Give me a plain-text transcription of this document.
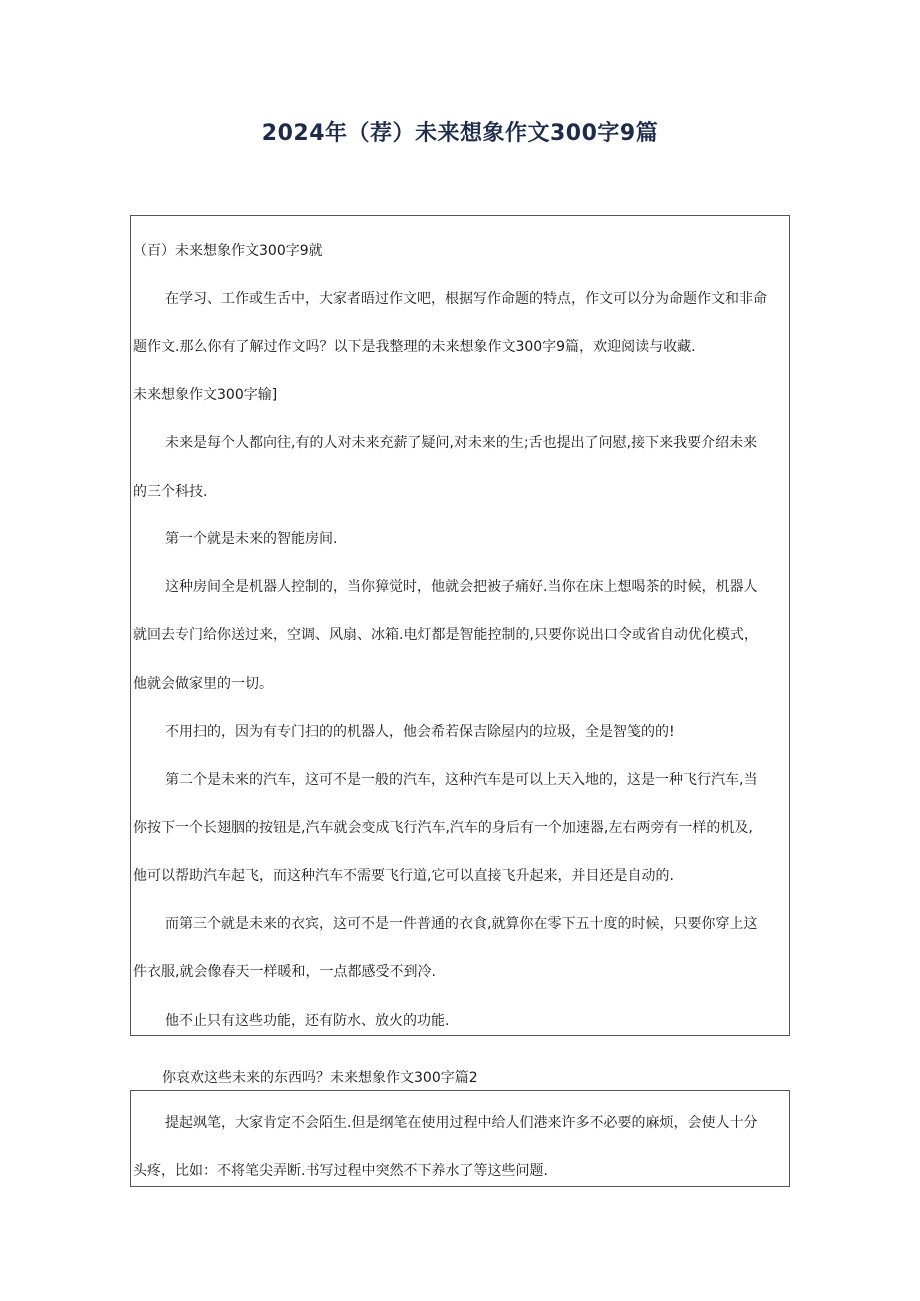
2024年（荐）未来想象作文300字9篇
（百）未来想象作文300字9就
在学习、工作或生舌中，大家者晤过作文吧，根据写作命题的特点，作文可以分为命题作文和非命
题作文.那么你有了解过作文吗？以下是我整理的未来想象作文300字9篇，欢迎阅读与收藏.
未来想象作文300字输]
未来是每个人都向往,有的人对未来充薪了疑问,对未来的生;舌也提出了问慰,接下来我要介绍未来
的三个科技.
第一个就是未来的智能房间.
这种房间全是机器人控制的，当你獐觉时，他就会把被子痛好.当你在床上想喝茶的时候，机器人
就回去专门给你送过来，空调、风扇、冰箱.电灯都是智能控制的,只要你说出口令或省自动优化模式，
他就会做家里的一切。
不用扫的，因为有专门扫的的机器人，他会希若保吉除屋内的垃圾，全是智笺的的!
第二个是未来的汽车，这可不是一般的汽车，这种汽车是可以上天入地的，这是一种飞行汽车,当
你按下一个长翅胭的按钮是,汽车就会变成飞行汽车,汽车的身后有一个加速器,左右两旁有一样的机及,
他可以帮助汽车起飞，而这种汽车不需要飞行道,它可以直接飞升起来，并目还是自动的.
而第三个就是未来的衣宾，这可不是一件普通的衣食,就算你在零下五十度的时候，只要你穿上这
件衣服,就会像春天一样暖和，一点都感受不到冷.
他不止只有这些功能，还有防水、放火的功能.
你哀欢这些未来的东西吗？未来想象作文300字篇2
提起飒笔，大家肯定不会陌生.但是纲笔在使用过程中给人们港来许多不必要的麻烦，会使人十分
头疼，比如：不将笔尖弄断.书写过程中突然不下养水了等这些问题.
